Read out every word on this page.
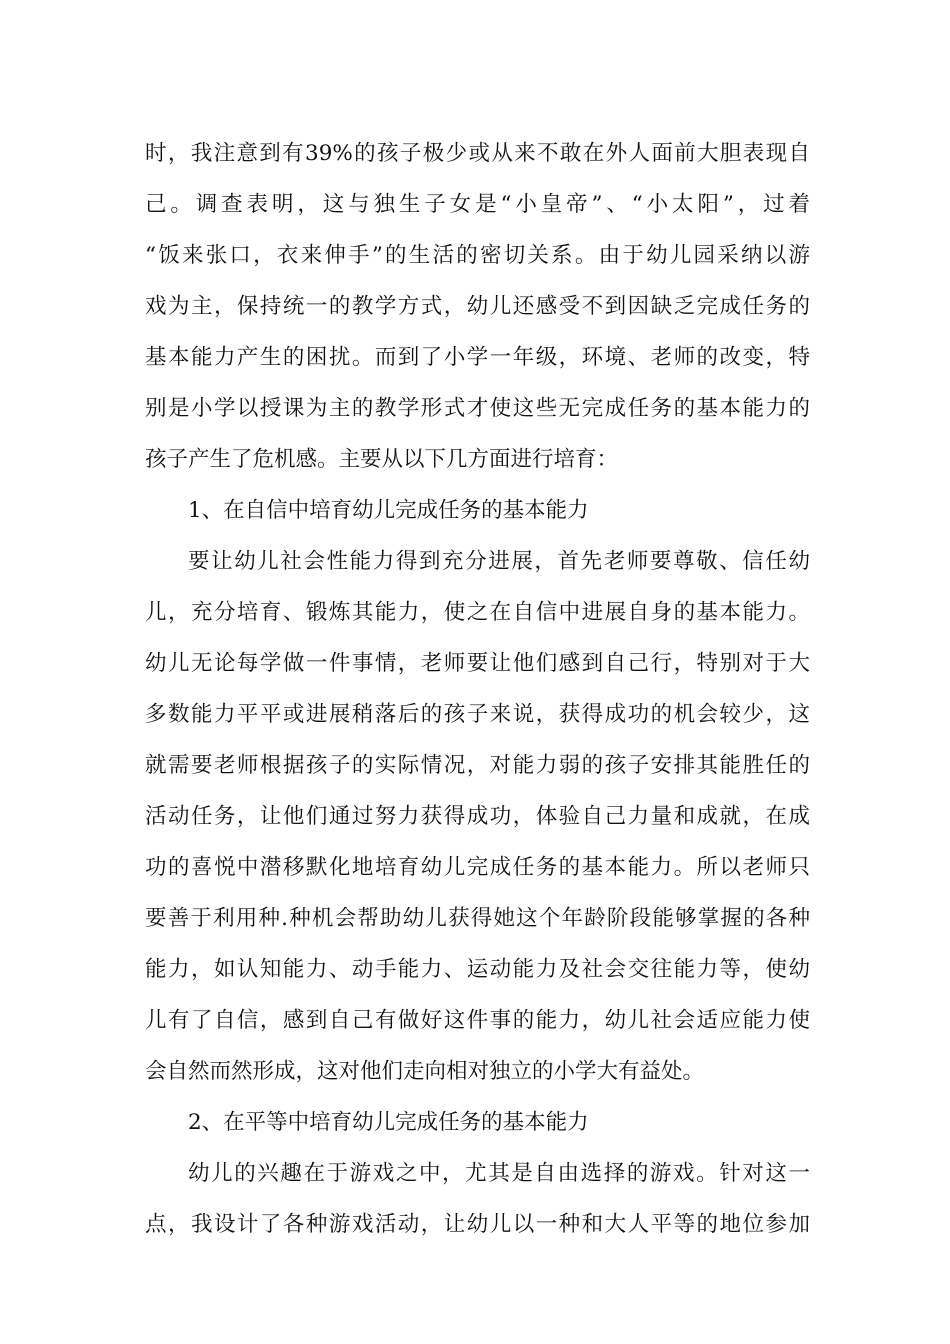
时，我注意到有39%的孩子极少或从来不敢在外人面前大胆表现自
己。调查表明，这与独生子女是“小皇帝”、“小太阳”，过着
“饭来张口，衣来伸手”的生活的密切关系。由于幼儿园采纳以游
戏为主，保持统一的教学方式，幼儿还感受不到因缺乏完成任务的
基本能力产生的困扰。而到了小学一年级，环境、老师的改变，特
别是小学以授课为主的教学形式才使这些无完成任务的基本能力的
孩子产生了危机感。主要从以下几方面进行培育：
1、在自信中培育幼儿完成任务的基本能力
要让幼儿社会性能力得到充分进展，首先老师要尊敬、信任幼
儿，充分培育、锻炼其能力，使之在自信中进展自身的基本能力。
幼儿无论每学做一件事情，老师要让他们感到自己行，特别对于大
多数能力平平或进展稍落后的孩子来说，获得成功的机会较少，这
就需要老师根据孩子的实际情况，对能力弱的孩子安排其能胜任的
活动任务，让他们通过努力获得成功，体验自己力量和成就，在成
功的喜悦中潜移默化地培育幼儿完成任务的基本能力。所以老师只
要善于利用种.种机会帮助幼儿获得她这个年龄阶段能够掌握的各种
能力，如认知能力、动手能力、运动能力及社会交往能力等，使幼
儿有了自信，感到自己有做好这件事的能力，幼儿社会适应能力使
会自然而然形成，这对他们走向相对独立的小学大有益处。
2、在平等中培育幼儿完成任务的基本能力
幼儿的兴趣在于游戏之中，尤其是自由选择的游戏。针对这一
点，我设计了各种游戏活动，让幼儿以一种和大人平等的地位参加
